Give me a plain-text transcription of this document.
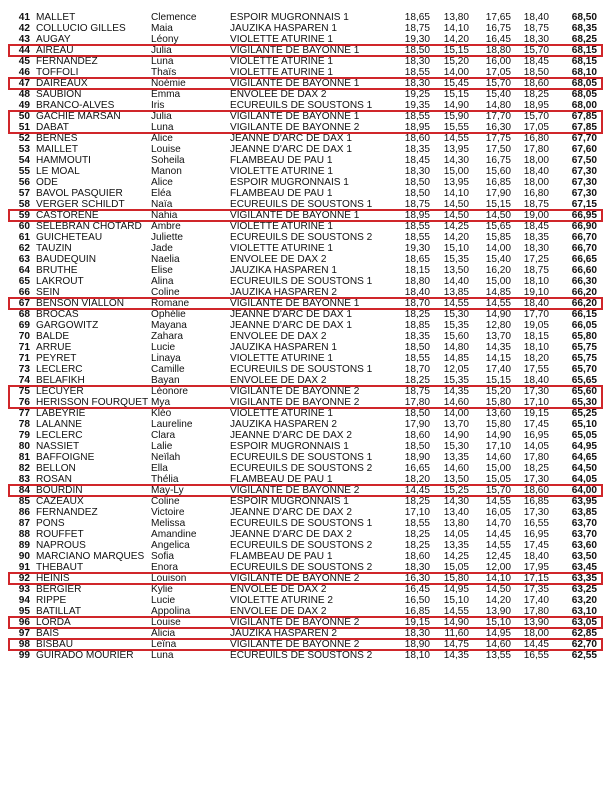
41 MALLET	Clemence	ESPOIR MUGRONNAIS 1	18,65	13,80	17,65	18,40	68,50
42 COLLUCIO GILLES	Maia	JAUZIKA HASPAREN 1	18,75	14,10	16,75	18,75	68,35
43 AUGAY	Léony	VIOLETTE ATURINE 1	19,30	14,20	16,45	18,30	68,25
44 AIREAU	Julia	VIGILANTE DE BAYONNE 1	18,50	15,15	18,80	15,70	68,15
45 FERNANDEZ	Luna	VIOLETTE ATURINE 1	18,30	15,20	16,00	18,45	68,15
46 TOFFOLI	Thaïs	VIOLETTE ATURINE 1	18,55	14,00	17,05	18,50	68,10
47 DAIREAUX	Noémie	VIGILANTE DE BAYONNE 1	18,30	15,45	15,70	18,60	68,05
48 SAUBION	Emma	ENVOLEE DE DAX 2	19,25	15,15	15,40	18,25	68,05
49 BRANCO-ALVES	Iris	ECUREUILS DE SOUSTONS 1	19,35	14,90	14,80	18,95	68,00
50 GACHIE MARSAN	Julia	VIGILANTE DE BAYONNE 1	18,55	15,90	17,70	15,70	67,85
51 DABAT	Luna	VIGILANTE DE BAYONNE 2	18,95	15,55	16,30	17,05	67,85
52 BERNES	Alice	JEANNE D'ARC DE DAX 1	18,60	14,55	17,75	16,80	67,70
53 MAILLET	Louise	JEANNE D'ARC DE DAX 1	18,35	13,95	17,50	17,80	67,60
54 HAMMOUTI	Soheila	FLAMBEAU DE PAU 1	18,45	14,30	16,75	18,00	67,50
55 LE MOAL	Manon	VIOLETTE ATURINE 1	18,30	15,00	15,60	18,40	67,30
56 ODE	Alice	ESPOIR MUGRONNAIS 1	18,50	13,95	16,85	18,00	67,30
57 BAVOL PASQUIER	Eléa	FLAMBEAU DE PAU 1	18,50	14,10	17,90	16,80	67,30
58 VERGER SCHILDT	Naïa	ECUREUILS DE SOUSTONS 1	18,75	14,50	15,15	18,75	67,15
59 CASTORENE	Nahia	VIGILANTE DE BAYONNE 1	18,95	14,50	14,50	19,00	66,95
60 SELEBRAN CHOTARD Ambre	VIOLETTE ATURINE 1	18,55	14,25	15,65	18,45	66,90
61 GUICHETEAU	Juliette	ECUREUILS DE SOUSTONS 2	18,55	14,20	15,85	18,35	66,70
62 TAUZIN	Jade	VIOLETTE ATURINE 1	19,30	15,10	14,00	18,30	66,70
63 BAUDEQUIN	Naelia	ENVOLEE DE DAX 2	18,65	15,35	15,40	17,25	66,65
64 BRUTHE	Elise	JAUZIKA HASPAREN 1	18,15	13,50	16,20	18,75	66,60
65 LAKROUT	Alina	ECUREUILS DE SOUSTONS 1	18,80	14,40	15,00	18,10	66,30
66 SEIN	Coline	JAUZIKA HASPAREN 2	18,40	13,85	14,85	19,10	66,20
67 BENSON VIALLON	Romane	VIGILANTE DE BAYONNE 1	18,70	14,55	14,55	18,40	66,20
68 BROCAS	Ophélie	JEANNE D'ARC DE DAX 1	18,25	15,30	14,90	17,70	66,15
69 GARGOWITZ	Mayana	JEANNE D'ARC DE DAX 1	18,85	15,35	12,80	19,05	66,05
70 BALDE	Zahara	ENVOLEE DE DAX 2	18,35	15,60	13,70	18,15	65,80
71 ARRUE	Lucie	JAUZIKA HASPAREN 1	18,50	14,80	14,35	18,10	65,75
71 PEYRET	Linaya	VIOLETTE ATURINE 1	18,55	14,85	14,15	18,20	65,75
73 LECLERC	Camille	ECUREUILS DE SOUSTONS 1	18,70	12,05	17,40	17,55	65,70
74 BELAFIKH	Bayan	ENVOLEE DE DAX 2	18,25	15,35	15,15	18,40	65,65
75 LECUYER	Léonore	VIGILANTE DE BAYONNE 2	18,75	14,35	15,20	17,30	65,60
76 HERISSON FOURQUET Mya	VIGILANTE DE BAYONNE 2	17,80	14,60	15,80	17,10	65,30
77 LABEYRIE	Kléo	VIOLETTE ATURINE 1	18,50	14,00	13,60	19,15	65,25
78 LALANNE	Laureline	JAUZIKA HASPAREN 2	17,90	13,70	15,80	17,45	65,10
79 LECLERC	Clara	JEANNE D'ARC DE DAX 2	18,60	14,90	14,90	16,95	65,05
80 NASSIET	Lalie	ESPOIR MUGRONNAIS 1	18,50	15,30	17,10	14,05	64,95
81 BAFFOIGNE	Neïlah	ECUREUILS DE SOUSTONS 1	18,90	13,35	14,60	17,80	64,65
82 BELLON	Ella	ECUREUILS DE SOUSTONS 2	16,65	14,60	15,00	18,25	64,50
83 ROSAN	Thélia	FLAMBEAU DE PAU 1	18,20	13,50	15,05	17,30	64,05
84 BOURDIN	May-Ly	VIGILANTE DE BAYONNE 2	14,45	15,25	15,70	18,60	64,00
85 CAZEAUX	Coline	ESPOIR MUGRONNAIS 1	18,25	14,30	14,55	16,85	63,95
86 FERNANDEZ	Victoire	JEANNE D'ARC DE DAX 2	17,10	13,40	16,05	17,30	63,85
87 PONS	Melissa	ECUREUILS DE SOUSTONS 1	18,55	13,80	14,70	16,55	63,70
88 ROUFFET	Amandine	JEANNE D'ARC DE DAX 2	18,25	14,05	14,45	16,95	63,70
89 NAPROUS	Angelica	ECUREUILS DE SOUSTONS 2	18,25	13,35	14,55	17,45	63,60
90 MARCIANO MARQUES Sofia	FLAMBEAU DE PAU 1	18,60	14,25	12,45	18,40	63,50
91 THEBAUT	Enora	ECUREUILS DE SOUSTONS 2	18,30	15,05	12,00	17,95	63,45
92 HEINIS	Louison	VIGILANTE DE BAYONNE 2	16,30	15,80	14,10	17,15	63,35
93 BERGIER	Kylie	ENVOLEE DE DAX 2	16,45	14,95	14,50	17,35	63,25
94 RIPPE	Lucie	VIOLETTE ATURINE 2	16,50	15,10	14,20	17,40	63,20
95 BATILLAT	Appolina	ENVOLEE DE DAX 2	16,85	14,55	13,90	17,80	63,10
96 LORDA	Louise	VIGILANTE DE BAYONNE 2	19,15	14,90	15,10	13,90	63,05
97 BAIS	Alicia	JAUZIKA HASPAREN 2	18,30	11,60	14,95	18,00	62,85
98 BISBAU	Leïna	VIGILANTE DE BAYONNE 2	18,90	14,75	14,60	14,45	62,70
99 GUIRADO MOURIER	Luna	ECUREUILS DE SOUSTONS 2	18,10	14,35	13,55	16,55	62,55
